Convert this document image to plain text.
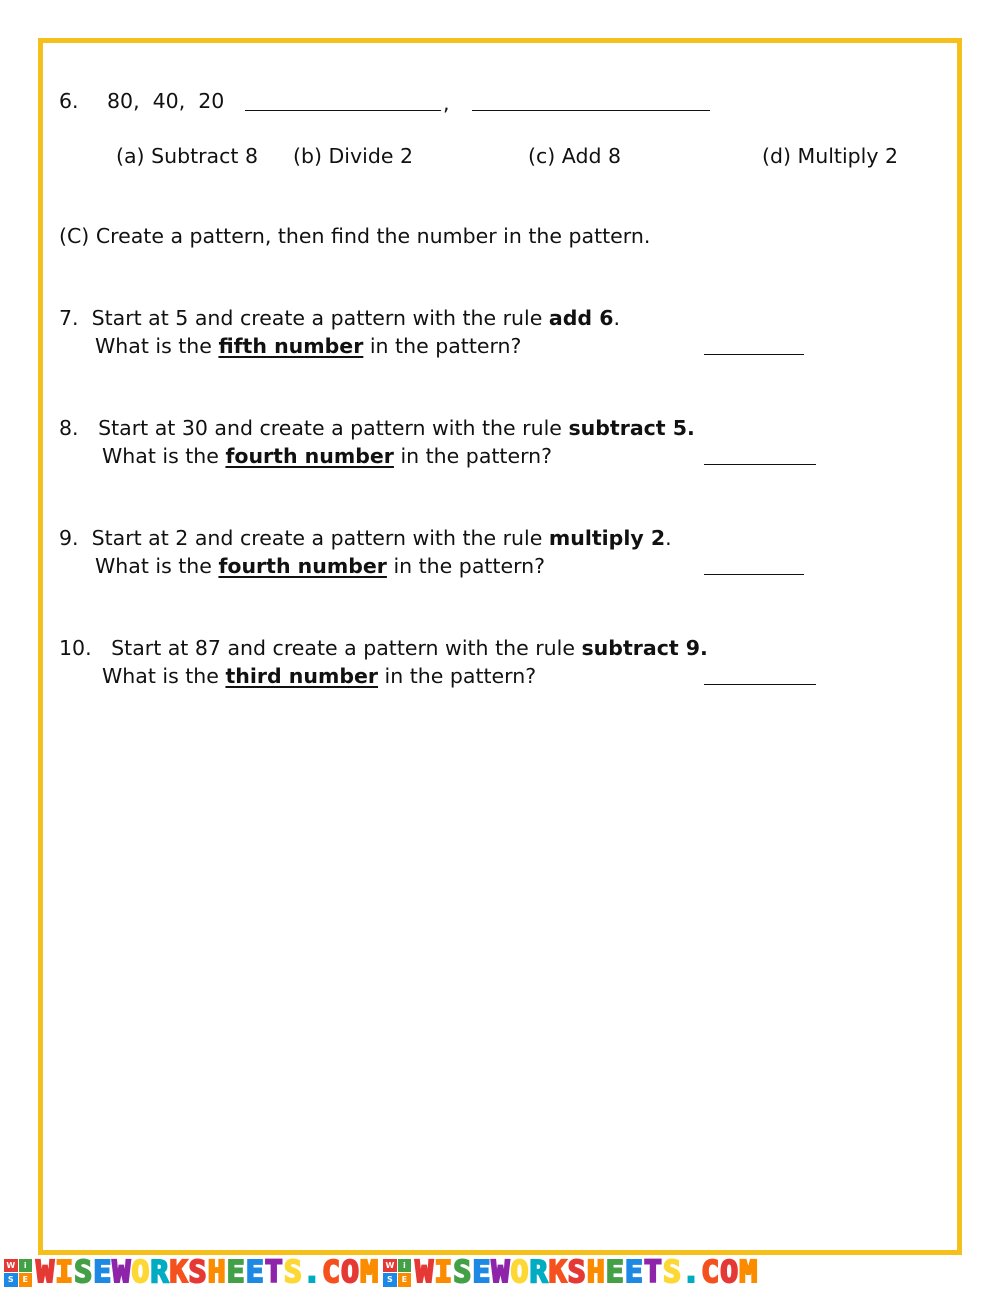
6. 80,  40,  20	,
(a) Subtract 8 (b) Divide 2	(c) Add 8	(d) Multiply 2
(C) Create a pattern, then find the number in the pattern.
7.  Start at 5 and create a pattern with the rule add 6.
What is the fifth number in the pattern?
8.   Start at 30 and create a pattern with the rule subtract 5.
What is the fourth number in the pattern?
9.  Start at 2 and create a pattern with the rule multiply 2.
What is the fourth number in the pattern?
10.   Start at 87 and create a pattern with the rule subtract 9.
What is the third number in the pattern?
W	i
S	E W I S E W O R K S H E E T S . C O M W	i
S	E W I S E W O R K S H E E T S . C O M
